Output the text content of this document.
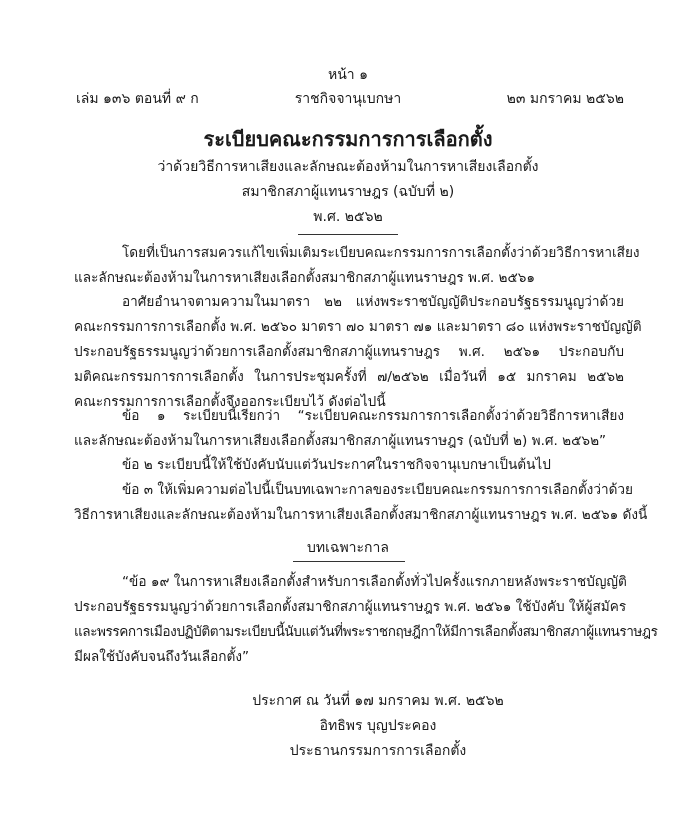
หน้า ๑
เล่ม ๑๓๖ ตอนที่ ๙ ก	ราชกิจจานุเบกษา	๒๓ มกราคม ๒๕๖๒
ระเบียบคณะกรรมการการเลือกตั้ง
ว่าด้วยวิธีการหาเสียงและลักษณะต้องห้ามในการหาเสียงเลือกตั้ง
สมาชิกสภาผู้แทนราษฎร (ฉบับที่ ๒)
พ.ศ. ๒๕๖๒
โดยที่เป็นการสมควรแก้ไขเพิ่มเติมระเบียบคณะกรรมการการเลือกตั้งว่าด้วยวิธีการหาเสียง
และลักษณะต้องห้ามในการหาเสียงเลือกตั้งสมาชิกสภาผู้แทนราษฎร พ.ศ. ๒๕๖๑
อาศัยอำนาจตามความในมาตรา ๒๒ แห่งพระราชบัญญัติประกอบรัฐธรรมนูญว่าด้วย
คณะกรรมการการเลือกตั้ง พ.ศ. ๒๕๖๐ มาตรา ๗๐ มาตรา ๗๑ และมาตรา ๘๐ แห่งพระราชบัญญัติ
ประกอบรัฐธรรมนูญว่าด้วยการเลือกตั้งสมาชิกสภาผู้แทนราษฎร พ.ศ. ๒๕๖๑ ประกอบกับ
มติคณะกรรมการการเลือกตั้ง ในการประชุมครั้งที่ ๗/๒๕๖๒ เมื่อวันที่ ๑๕ มกราคม ๒๕๖๒
คณะกรรมการการเลือกตั้งจึงออกระเบียบไว้ ดังต่อไปนี้
ข้อ ๑ ระเบียบนี้เรียกว่า “ระเบียบคณะกรรมการการเลือกตั้งว่าด้วยวิธีการหาเสียง
และลักษณะต้องห้ามในการหาเสียงเลือกตั้งสมาชิกสภาผู้แทนราษฎร (ฉบับที่ ๒) พ.ศ. ๒๕๖๒”
ข้อ ๒ ระเบียบนี้ให้ใช้บังคับนับแต่วันประกาศในราชกิจจานุเบกษาเป็นต้นไป
ข้อ ๓ ให้เพิ่มความต่อไปนี้เป็นบทเฉพาะกาลของระเบียบคณะกรรมการการเลือกตั้งว่าด้วย
วิธีการหาเสียงและลักษณะต้องห้ามในการหาเสียงเลือกตั้งสมาชิกสภาผู้แทนราษฎร พ.ศ. ๒๕๖๑ ดังนี้
บทเฉพาะกาล
“ข้อ ๑๙ ในการหาเสียงเลือกตั้งสำหรับการเลือกตั้งทั่วไปครั้งแรกภายหลังพระราชบัญญัติ
ประกอบรัฐธรรมนูญว่าด้วยการเลือกตั้งสมาชิกสภาผู้แทนราษฎร พ.ศ. ๒๕๖๑ ใช้บังคับ ให้ผู้สมัคร
และพรรคการเมืองปฏิบัติตามระเบียบนี้นับแต่วันที่พระราชกฤษฎีกาให้มีการเลือกตั้งสมาชิกสภาผู้แทนราษฎร
มีผลใช้บังคับจนถึงวันเลือกตั้ง”
ประกาศ ณ วันที่ ๑๗ มกราคม พ.ศ. ๒๕๖๒
อิทธิพร บุญประคอง
ประธานกรรมการการเลือกตั้ง
